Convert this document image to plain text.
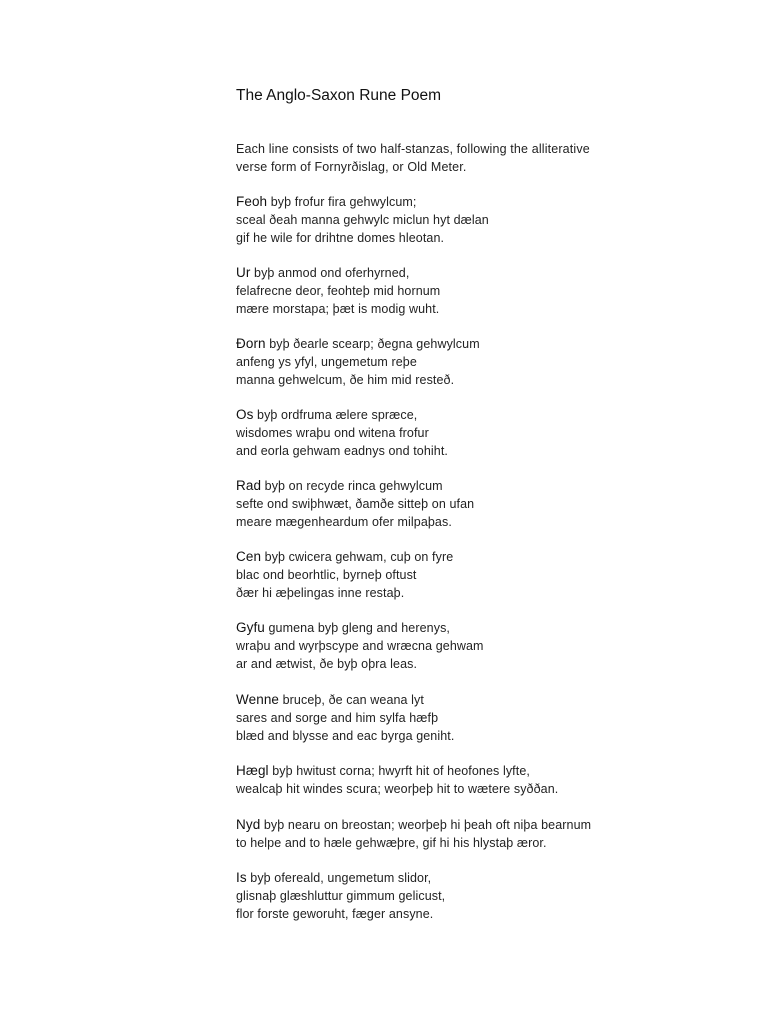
The Anglo-Saxon Rune Poem

Each line consists of two half-stanzas, following the alliterative
verse form of Fornyrðislag, or Old Meter.

Feoh byþ frofur fira gehwylcum;
sceal ðeah manna gehwylc miclun hyt dælan
gif he wile for drihtne domes hleotan.

Ur byþ anmod ond oferhyrned,
felafrecne deor, feohteþ mid hornum
mære morstapa; þæt is modig wuht.

Đorn byþ ðearle scearp; ðegna gehwylcum
anfeng ys yfyl, ungemetum reþe
manna gehwelcum, ðe him mid resteð.

Os byþ ordfruma ælere spræce,
wisdomes wraþu ond witena frofur
and eorla gehwam eadnys ond tohiht.

Rad byþ on recyde rinca gehwylcum
sefte ond swiþhwæt, ðamðe sitteþ on ufan
meare mægenheardum ofer milpaþas.

Cen byþ cwicera gehwam, cuþ on fyre
blac ond beorhtlic, byrneþ oftust
ðær hi æþelingas inne restaþ.

Gyfu gumena byþ gleng and herenys,
wraþu and wyrþscype and wræcna gehwam
ar and ætwist, ðe byþ oþra leas.

Wenne bruceþ, ðe can weana lyt
sares and sorge and him sylfa hæfþ
blæd and blysse and eac byrga geniht.

Hægl byþ hwitust corna; hwyrft hit of heofones lyfte,
wealcaþ hit windes scura; weorþeþ hit to wætere syððan.

Nyd byþ nearu on breostan; weorþeþ hi þeah oft niþa bearnum
to helpe and to hæle gehwæþre, gif hi his hlystaþ æror.

Is byþ ofereald, ungemetum slidor,
glisnaþ glæshluttur gimmum gelicust,
flor forste geworuht, fæger ansyne.
